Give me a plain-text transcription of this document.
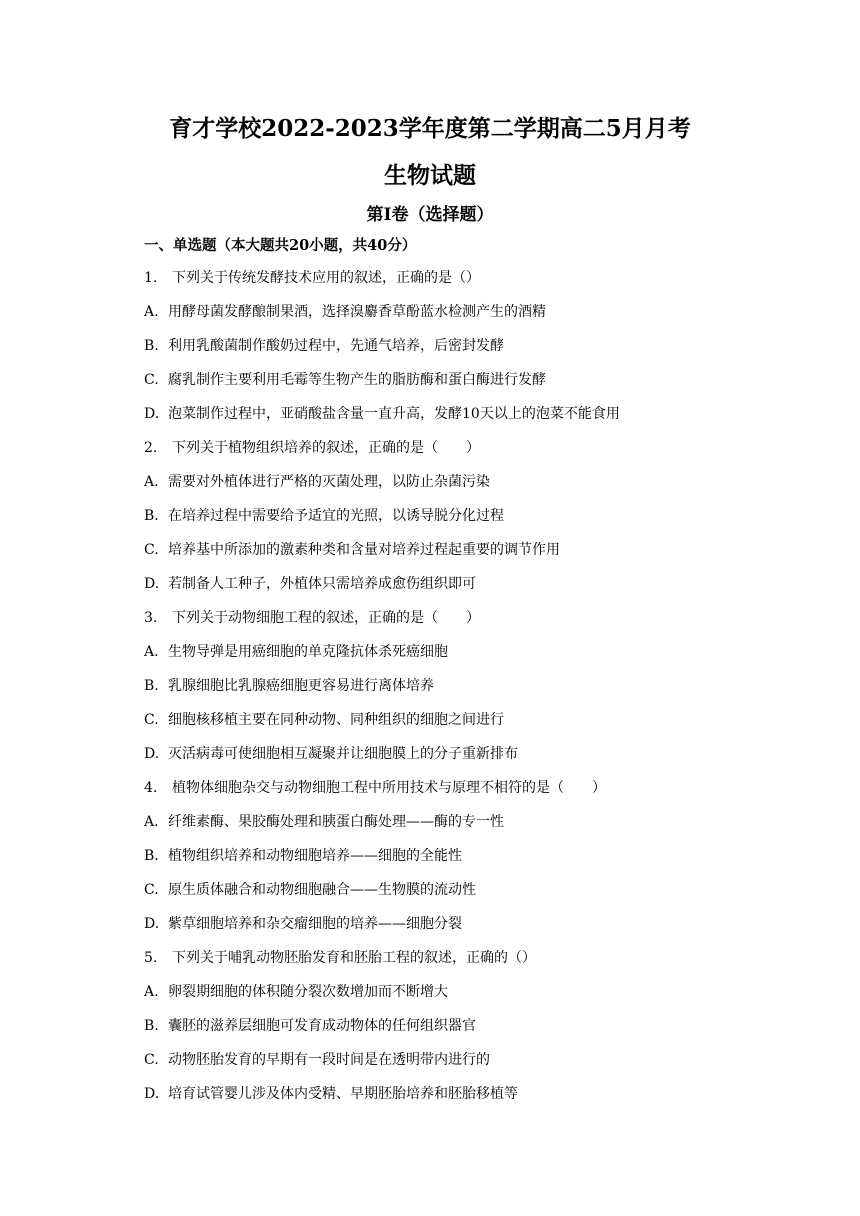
育才学校2022-2023学年度第二学期高二5月月考
生物试题
第I卷（选择题）
一、单选题（本大题共20小题，共40分）
1. 下列关于传统发酵技术应用的叙述，正确的是（）
A. 用酵母菌发酵酿制果酒，选择溴麝香草酚蓝水检测产生的酒精
B. 利用乳酸菌制作酸奶过程中，先通气培养，后密封发酵
C. 腐乳制作主要利用毛霉等生物产生的脂肪酶和蛋白酶进行发酵
D. 泡菜制作过程中，亚硝酸盐含量一直升高，发酵10天以上的泡菜不能食用
2. 下列关于植物组织培养的叙述，正确的是（　　）
A. 需要对外植体进行严格的灭菌处理，以防止杂菌污染
B. 在培养过程中需要给予适宜的光照，以诱导脱分化过程
C. 培养基中所添加的激素种类和含量对培养过程起重要的调节作用
D. 若制备人工种子，外植体只需培养成愈伤组织即可
3. 下列关于动物细胞工程的叙述，正确的是（　　）
A. 生物导弹是用癌细胞的单克隆抗体杀死癌细胞
B. 乳腺细胞比乳腺癌细胞更容易进行离体培养
C. 细胞核移植主要在同种动物、同种组织的细胞之间进行
D. 灭活病毒可使细胞相互凝聚并让细胞膜上的分子重新排布
4. 植物体细胞杂交与动物细胞工程中所用技术与原理不相符的是（　　）
A. 纤维素酶、果胶酶处理和胰蛋白酶处理——酶的专一性
B. 植物组织培养和动物细胞培养——细胞的全能性
C. 原生质体融合和动物细胞融合——生物膜的流动性
D. 紫草细胞培养和杂交瘤细胞的培养——细胞分裂
5. 下列关于哺乳动物胚胎发育和胚胎工程的叙述，正确的（）
A. 卵裂期细胞的体积随分裂次数增加而不断增大
B. 囊胚的滋养层细胞可发育成动物体的任何组织器官
C. 动物胚胎发育的早期有一段时间是在透明带内进行的
D. 培育试管婴儿涉及体内受精、早期胚胎培养和胚胎移植等
